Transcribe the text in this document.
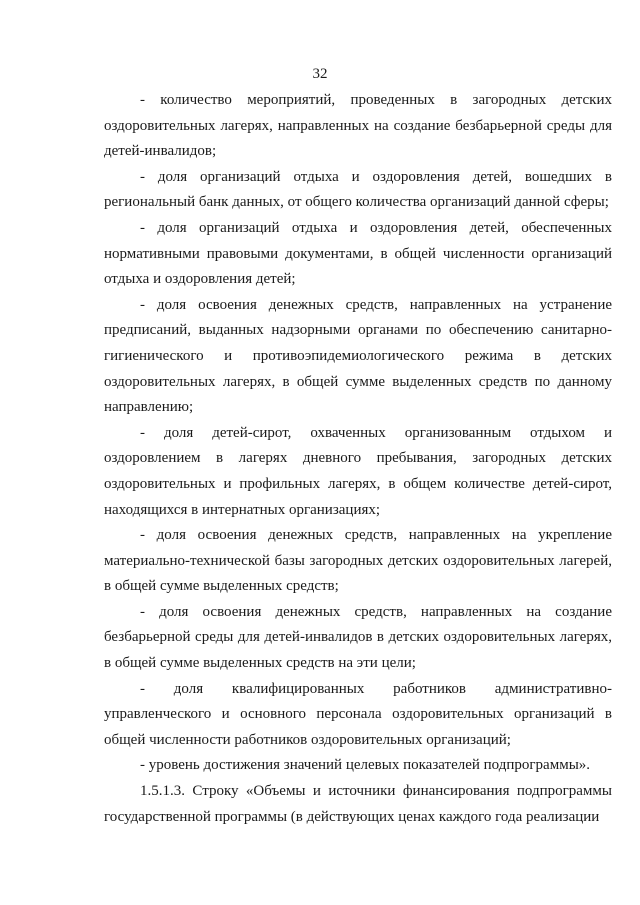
32

- количество мероприятий, проведенных в загородных детских оздоровительных лагерях, направленных на создание безбарьерной среды для детей-инвалидов;

- доля организаций отдыха и оздоровления детей, вошедших в региональный банк данных, от общего количества организаций данной сферы;

- доля организаций отдыха и оздоровления детей, обеспеченных нормативными правовыми документами, в общей численности организаций отдыха и оздоровления детей;

- доля освоения денежных средств, направленных на устранение предписаний, выданных надзорными органами по обеспечению санитарно-гигиенического и противоэпидемиологического режима в детских оздоровительных лагерях, в общей сумме выделенных средств по данному направлению;

- доля детей-сирот, охваченных организованным отдыхом и оздоровлением в лагерях дневного пребывания, загородных детских оздоровительных и профильных лагерях, в общем количестве детей-сирот, находящихся в интернатных организациях;

- доля освоения денежных средств, направленных на укрепление материально-технической базы загородных детских оздоровительных лагерей, в общей сумме выделенных средств;

- доля освоения денежных средств, направленных на создание безбарьерной среды для детей-инвалидов в детских оздоровительных лагерях, в общей сумме выделенных средств на эти цели;

- доля квалифицированных работников административно-управленческого и основного персонала оздоровительных организаций в общей численности работников оздоровительных организаций;

- уровень достижения значений целевых показателей подпрограммы».

1.5.1.3. Строку «Объемы и источники финансирования подпрограммы государственной программы (в действующих ценах каждого года реализации
